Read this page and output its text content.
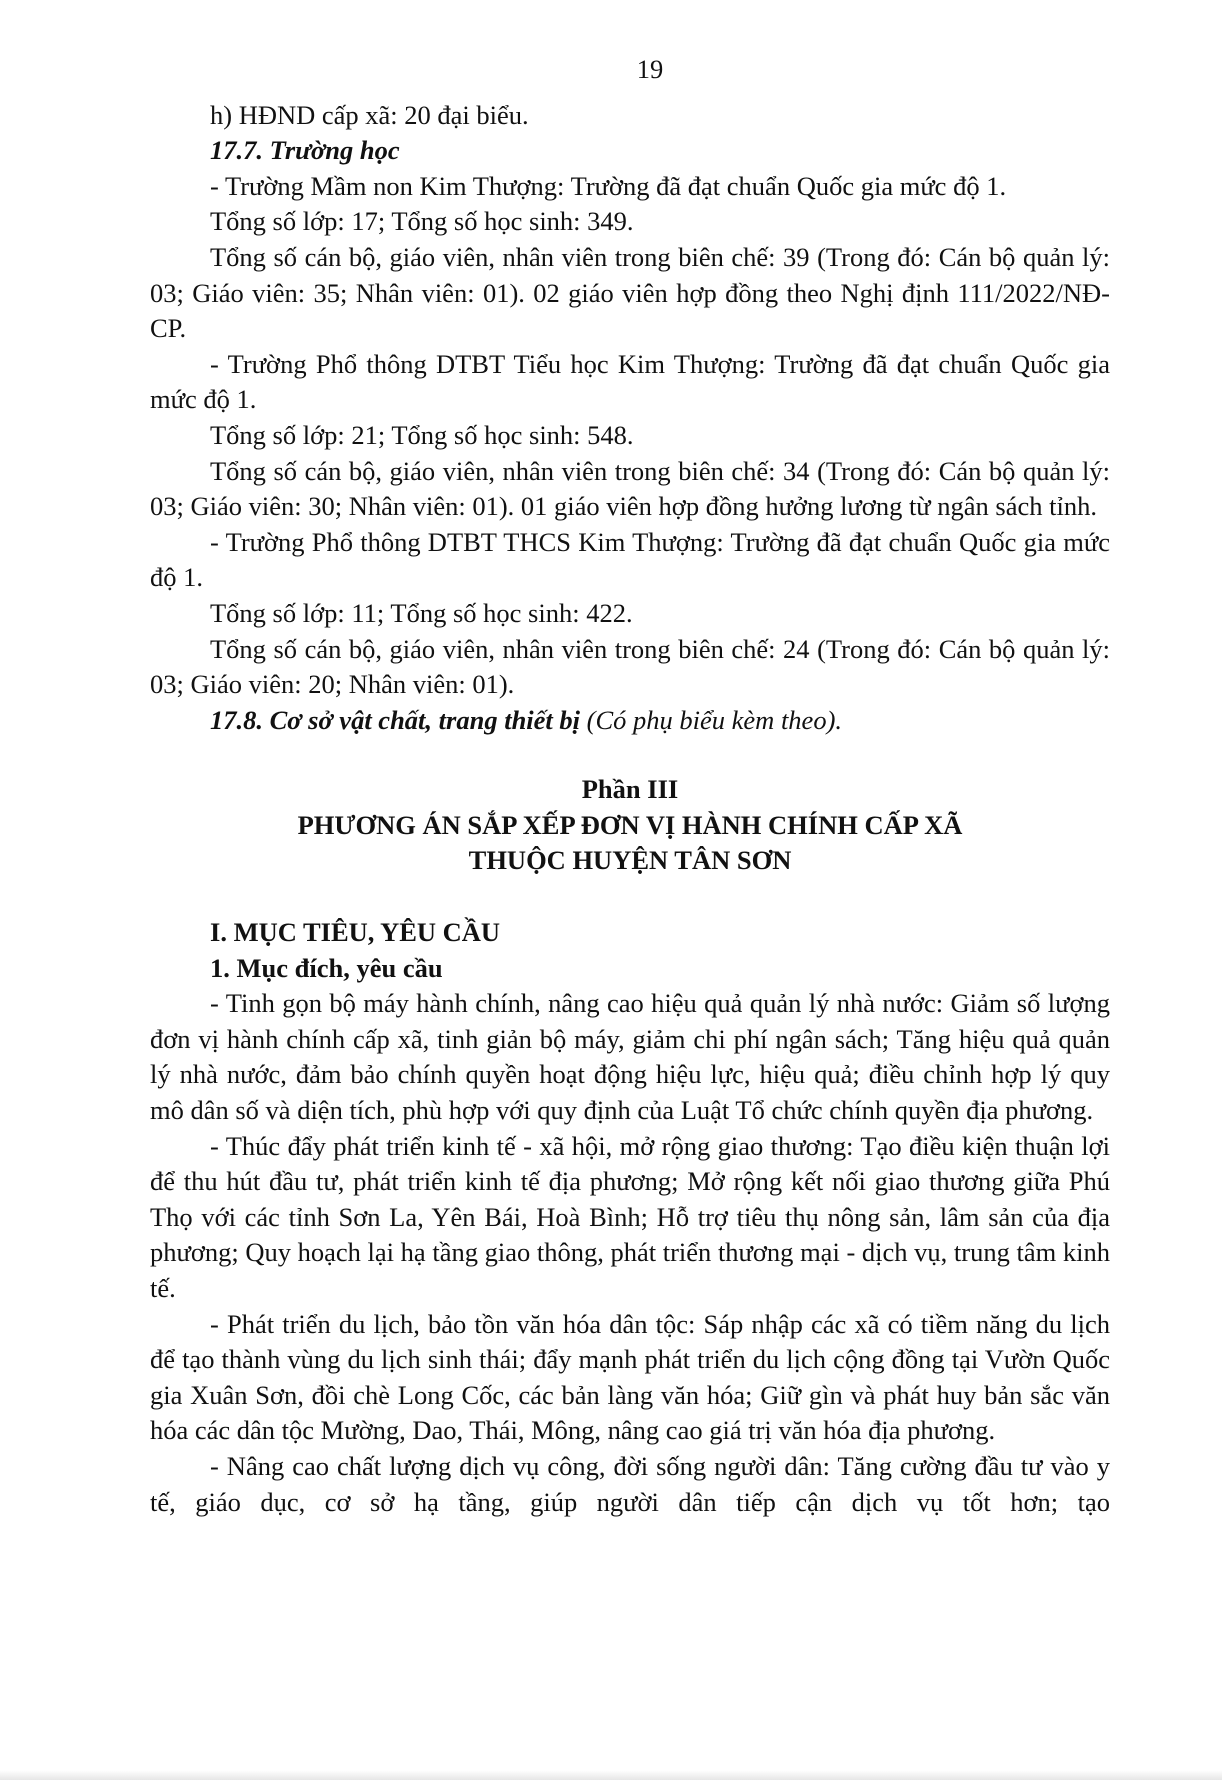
19

h) HĐND cấp xã: 20 đại biểu.

17.7. Trường học

- Trường Mầm non Kim Thượng: Trường đã đạt chuẩn Quốc gia mức độ 1.

Tổng số lớp: 17; Tổng số học sinh: 349.

Tổng số cán bộ, giáo viên, nhân viên trong biên chế: 39 (Trong đó: Cán bộ quản lý: 03; Giáo viên: 35; Nhân viên: 01). 02 giáo viên hợp đồng theo Nghị định 111/2022/NĐ-CP.

- Trường Phổ thông DTBT Tiểu học Kim Thượng: Trường đã đạt chuẩn Quốc gia mức độ 1.

Tổng số lớp: 21; Tổng số học sinh: 548.

Tổng số cán bộ, giáo viên, nhân viên trong biên chế: 34 (Trong đó: Cán bộ quản lý: 03; Giáo viên: 30; Nhân viên: 01). 01 giáo viên hợp đồng hưởng lương từ ngân sách tỉnh.

- Trường Phổ thông DTBT THCS Kim Thượng: Trường đã đạt chuẩn Quốc gia mức độ 1.

Tổng số lớp: 11; Tổng số học sinh: 422.

Tổng số cán bộ, giáo viên, nhân viên trong biên chế: 24 (Trong đó: Cán bộ quản lý: 03; Giáo viên: 20; Nhân viên: 01).

17.8. Cơ sở vật chất, trang thiết bị (Có phụ biểu kèm theo).

Phần III

PHƯƠNG ÁN SẮP XẾP ĐƠN VỊ HÀNH CHÍNH CẤP XÃ

THUỘC HUYỆN TÂN SƠN

I. MỤC TIÊU, YÊU CẦU

1. Mục đích, yêu cầu

- Tinh gọn bộ máy hành chính, nâng cao hiệu quả quản lý nhà nước: Giảm số lượng đơn vị hành chính cấp xã, tinh giản bộ máy, giảm chi phí ngân sách; Tăng hiệu quả quản lý nhà nước, đảm bảo chính quyền hoạt động hiệu lực, hiệu quả; điều chỉnh hợp lý quy mô dân số và diện tích, phù hợp với quy định của Luật Tổ chức chính quyền địa phương.

- Thúc đẩy phát triển kinh tế - xã hội, mở rộng giao thương: Tạo điều kiện thuận lợi để thu hút đầu tư, phát triển kinh tế địa phương; Mở rộng kết nối giao thương giữa Phú Thọ với các tỉnh Sơn La, Yên Bái, Hoà Bình; Hỗ trợ tiêu thụ nông sản, lâm sản của địa phương; Quy hoạch lại hạ tầng giao thông, phát triển thương mại - dịch vụ, trung tâm kinh tế.

- Phát triển du lịch, bảo tồn văn hóa dân tộc: Sáp nhập các xã có tiềm năng du lịch để tạo thành vùng du lịch sinh thái; đẩy mạnh phát triển du lịch cộng đồng tại Vườn Quốc gia Xuân Sơn, đồi chè Long Cốc, các bản làng văn hóa; Giữ gìn và phát huy bản sắc văn hóa các dân tộc Mường, Dao, Thái, Mông, nâng cao giá trị văn hóa địa phương.

- Nâng cao chất lượng dịch vụ công, đời sống người dân: Tăng cường đầu tư vào y tế, giáo dục, cơ sở hạ tầng, giúp người dân tiếp cận dịch vụ tốt hơn; tạo
